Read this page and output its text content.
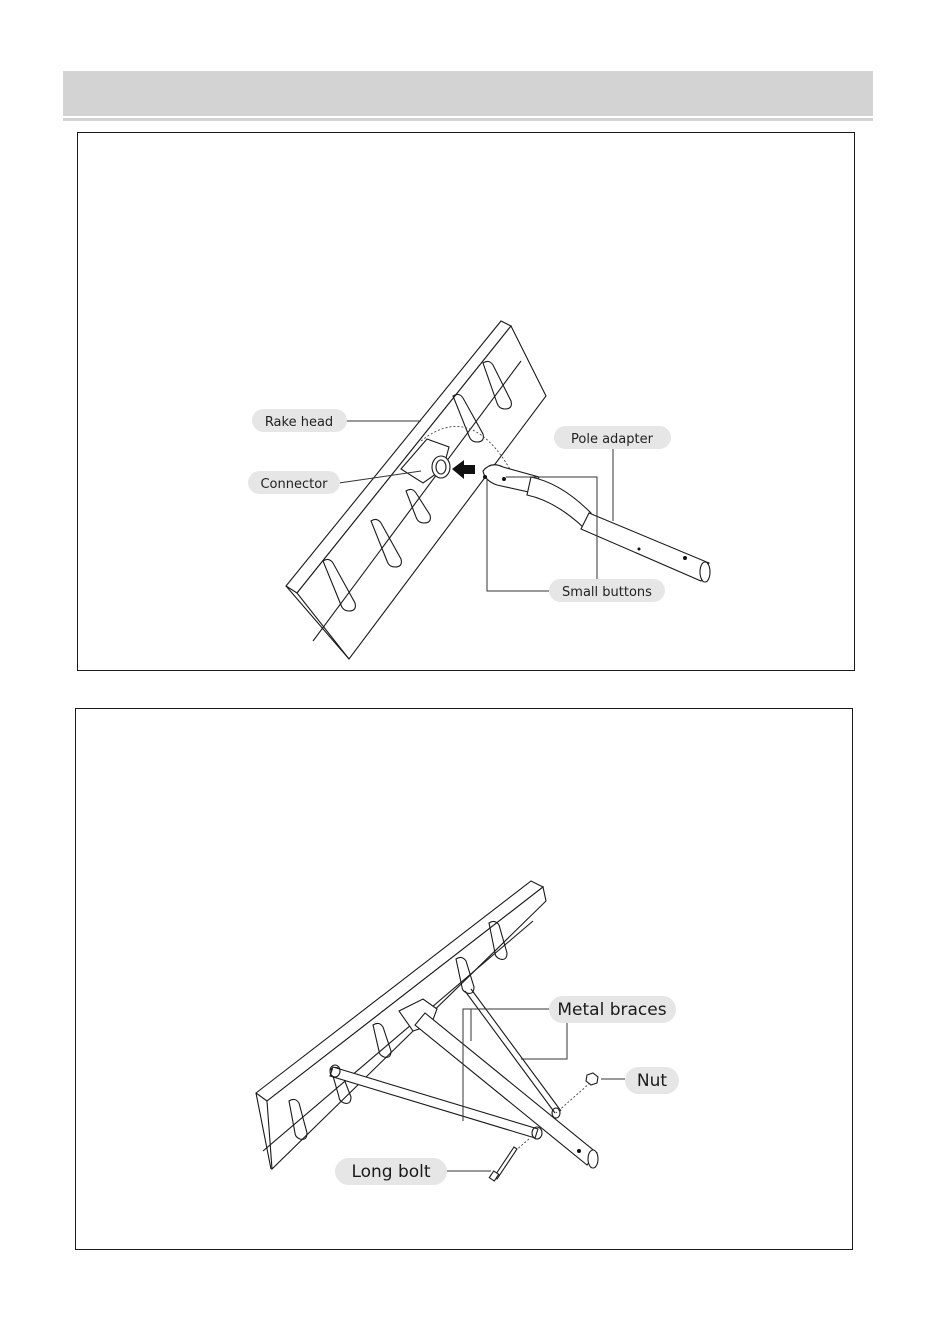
Rake head
Connector
Pole adapter
Small buttons
Metal braces
Nut
Long bolt
